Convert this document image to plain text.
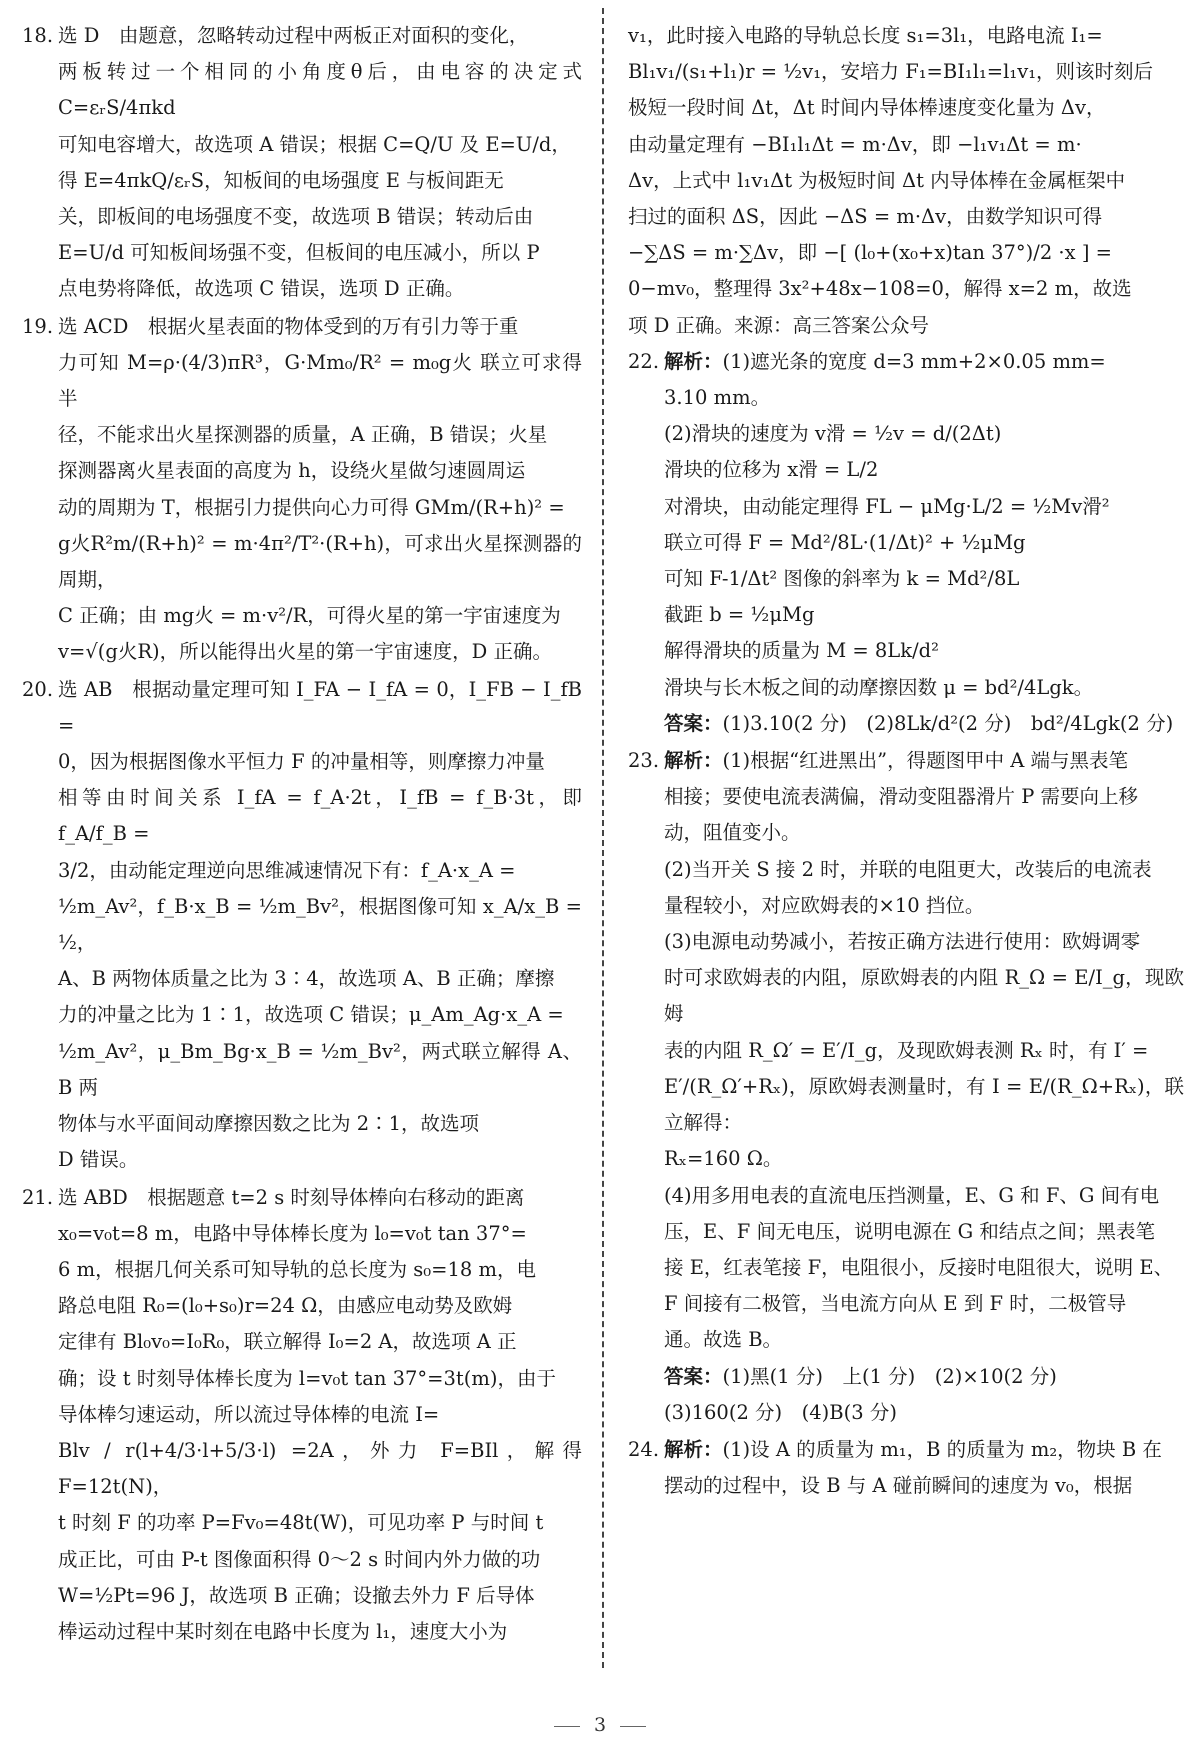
18. 选 D　由题意，忽略转动过程中两板正对面积的变化，

两板转过一个相同的小角度θ后，由电容的决定式 C=εᵣS/4πkd

可知电容增大，故选项 A 错误；根据 C=Q/U 及 E=U/d，

得 E=4πkQ/εᵣS，知板间的电场强度 E 与板间距无

关，即板间的电场强度不变，故选项 B 错误；转动后由

E=U/d 可知板间场强不变，但板间的电压减小，所以 P

点电势将降低，故选项 C 错误，选项 D 正确。

19. 选 ACD　根据火星表面的物体受到的万有引力等于重

力可知 M=ρ·(4/3)πR³，G·Mm₀/R² = m₀g火 联立可求得半

径，不能求出火星探测器的质量，A 正确，B 错误；火星

探测器离火星表面的高度为 h，设绕火星做匀速圆周运

动的周期为 T，根据引力提供向心力可得 GMm/(R+h)² =

g火R²m/(R+h)² = m·4π²/T²·(R+h)，可求出火星探测器的周期，

C 正确；由 mg火 = m·v²/R，可得火星的第一宇宙速度为

v=√(g火R)，所以能得出火星的第一宇宙速度，D 正确。

20. 选 AB　根据动量定理可知 I_FA − I_fA = 0，I_FB − I_fB =

0，因为根据图像水平恒力 F 的冲量相等，则摩擦力冲量

相等由时间关系 I_fA = f_A·2t，I_fB = f_B·3t，即 f_A/f_B =

3/2，由动能定理逆向思维减速情况下有：f_A·x_A =

½m_Av²，f_B·x_B = ½m_Bv²，根据图像可知 x_A/x_B = ½，

A、B 两物体质量之比为 3∶4，故选项 A、B 正确；摩擦

力的冲量之比为 1∶1，故选项 C 错误；μ_Am_Ag·x_A =

½m_Av²，μ_Bm_Bg·x_B = ½m_Bv²，两式联立解得 A、B 两

物体与水平面间动摩擦因数之比为 2∶1，故选项

D 错误。

21. 选 ABD　根据题意 t=2 s 时刻导体棒向右移动的距离

x₀=v₀t=8 m，电路中导体棒长度为 l₀=v₀t tan 37°=

6 m，根据几何关系可知导轨的总长度为 s₀=18 m，电

路总电阻 R₀=(l₀+s₀)r=24 Ω，由感应电动势及欧姆

定律有 Bl₀v₀=I₀R₀，联立解得 I₀=2 A，故选项 A 正

确；设 t 时刻导体棒长度为 l=v₀t tan 37°=3t(m)，由于

导体棒匀速运动，所以流过导体棒的电流 I=

Blv / r(l+4/3·l+5/3·l) =2A，外力 F=BIl，解得 F=12t(N)，

t 时刻 F 的功率 P=Fv₀=48t(W)，可见功率 P 与时间 t

成正比，可由 P-t 图像面积得 0～2 s 时间内外力做的功

W=½Pt=96 J，故选项 B 正确；设撤去外力 F 后导体

棒运动过程中某时刻在电路中长度为 l₁，速度大小为

v₁，此时接入电路的导轨总长度 s₁=3l₁，电路电流 I₁=

Bl₁v₁/(s₁+l₁)r = ½v₁，安培力 F₁=BI₁l₁=l₁v₁，则该时刻后

极短一段时间 Δt，Δt 时间内导体棒速度变化量为 Δv，

由动量定理有 −BI₁l₁Δt = m·Δv，即 −l₁v₁Δt = m·

Δv，上式中 l₁v₁Δt 为极短时间 Δt 内导体棒在金属框架中

扫过的面积 ΔS，因此 −ΔS = m·Δv，由数学知识可得

−∑ΔS = m·∑Δv，即 −[ (l₀+(x₀+x)tan 37°)/2 ·x ] =

0−mv₀，整理得 3x²+48x−108=0，解得 x=2 m，故选

项 D 正确。来源：高三答案公众号

22. 解析：(1)遮光条的宽度 d=3 mm+2×0.05 mm=

3.10 mm。

(2)滑块的速度为 v滑 = ½v = d/(2Δt)

滑块的位移为 x滑 = L/2

对滑块，由动能定理得 FL − μMg·L/2 = ½Mv滑²

联立可得 F = Md²/8L·(1/Δt)² + ½μMg

可知 F-1/Δt² 图像的斜率为 k = Md²/8L

截距 b = ½μMg

解得滑块的质量为 M = 8Lk/d²

滑块与长木板之间的动摩擦因数 μ = bd²/4Lgk。

答案：(1)3.10(2 分)　(2)8Lk/d²(2 分)　bd²/4Lgk(2 分)

23. 解析：(1)根据“红进黑出”，得题图甲中 A 端与黑表笔

相接；要使电流表满偏，滑动变阻器滑片 P 需要向上移

动，阻值变小。

(2)当开关 S 接 2 时，并联的电阻更大，改装后的电流表

量程较小，对应欧姆表的×10 挡位。

(3)电源电动势减小，若按正确方法进行使用：欧姆调零

时可求欧姆表的内阻，原欧姆表的内阻 R_Ω = E/I_g，现欧姆

表的内阻 R_Ω′ = E′/I_g，及现欧姆表测 Rₓ 时，有 I′ =

E′/(R_Ω′+Rₓ)，原欧姆表测量时，有 I = E/(R_Ω+Rₓ)，联立解得：

Rₓ=160 Ω。

(4)用多用电表的直流电压挡测量，E、G 和 F、G 间有电

压，E、F 间无电压，说明电源在 G 和结点之间；黑表笔

接 E，红表笔接 F，电阻很小，反接时电阻很大，说明 E、

F 间接有二极管，当电流方向从 E 到 F 时，二极管导

通。故选 B。

答案：(1)黑(1 分)　上(1 分)　(2)×10(2 分)

(3)160(2 分)　(4)B(3 分)

24. 解析：(1)设 A 的质量为 m₁，B 的质量为 m₂，物块 B 在

摆动的过程中，设 B 与 A 碰前瞬间的速度为 v₀，根据

3
